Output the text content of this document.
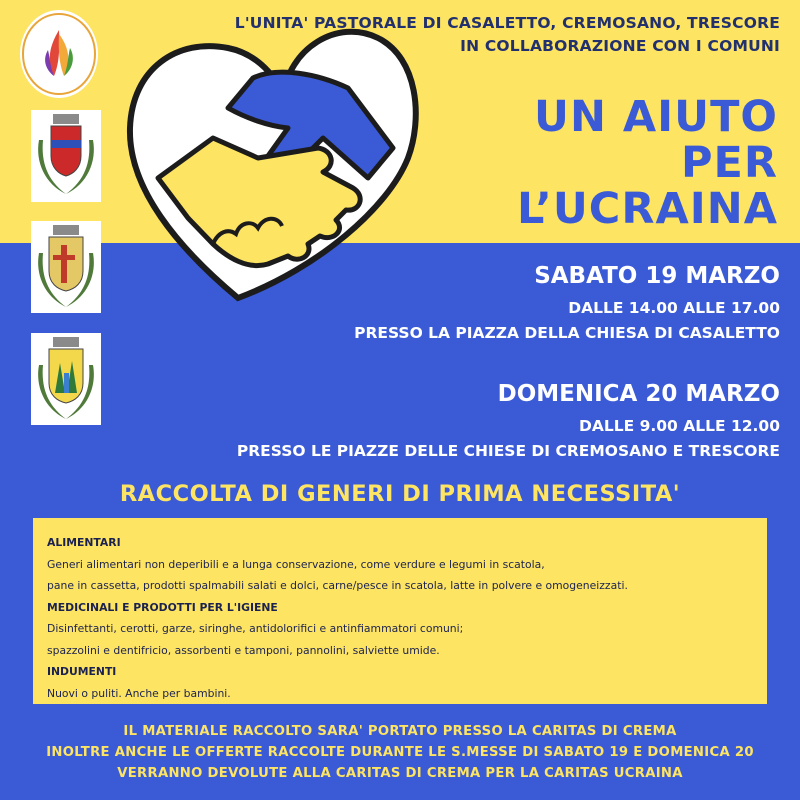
L'UNITA' PASTORALE DI CASALETTO, CREMOSANO, TRESCORE
IN COLLABORAZIONE CON I COMUNI
UN AIUTO
PER
L’UCRAINA
SABATO 19 MARZO
DALLE 14.00 ALLE 17.00
PRESSO LA PIAZZA DELLA CHIESA DI CASALETTO
DOMENICA 20 MARZO
DALLE 9.00 ALLE 12.00
PRESSO LE PIAZZE DELLE CHIESE DI CREMOSANO E TRESCORE
RACCOLTA DI GENERI DI PRIMA NECESSITA'
ALIMENTARI
Generi alimentari non deperibili e a lunga conservazione, come verdure e legumi in scatola,
pane in cassetta, prodotti spalmabili salati e dolci, carne/pesce in scatola, latte in polvere e omogeneizzati.
MEDICINALI E PRODOTTI PER L'IGIENE
Disinfettanti, cerotti, garze, siringhe, antidolorifici e antinfiammatori comuni;
spazzolini e dentifricio, assorbenti e tamponi, pannolini, salviette umide.
INDUMENTI
Nuovi o puliti. Anche per bambini.
IL MATERIALE RACCOLTO SARA' PORTATO PRESSO LA CARITAS DI CREMA
INOLTRE ANCHE LE OFFERTE RACCOLTE DURANTE LE S.MESSE DI SABATO 19 E DOMENICA 20
VERRANNO DEVOLUTE ALLA CARITAS DI CREMA PER LA CARITAS UCRAINA
